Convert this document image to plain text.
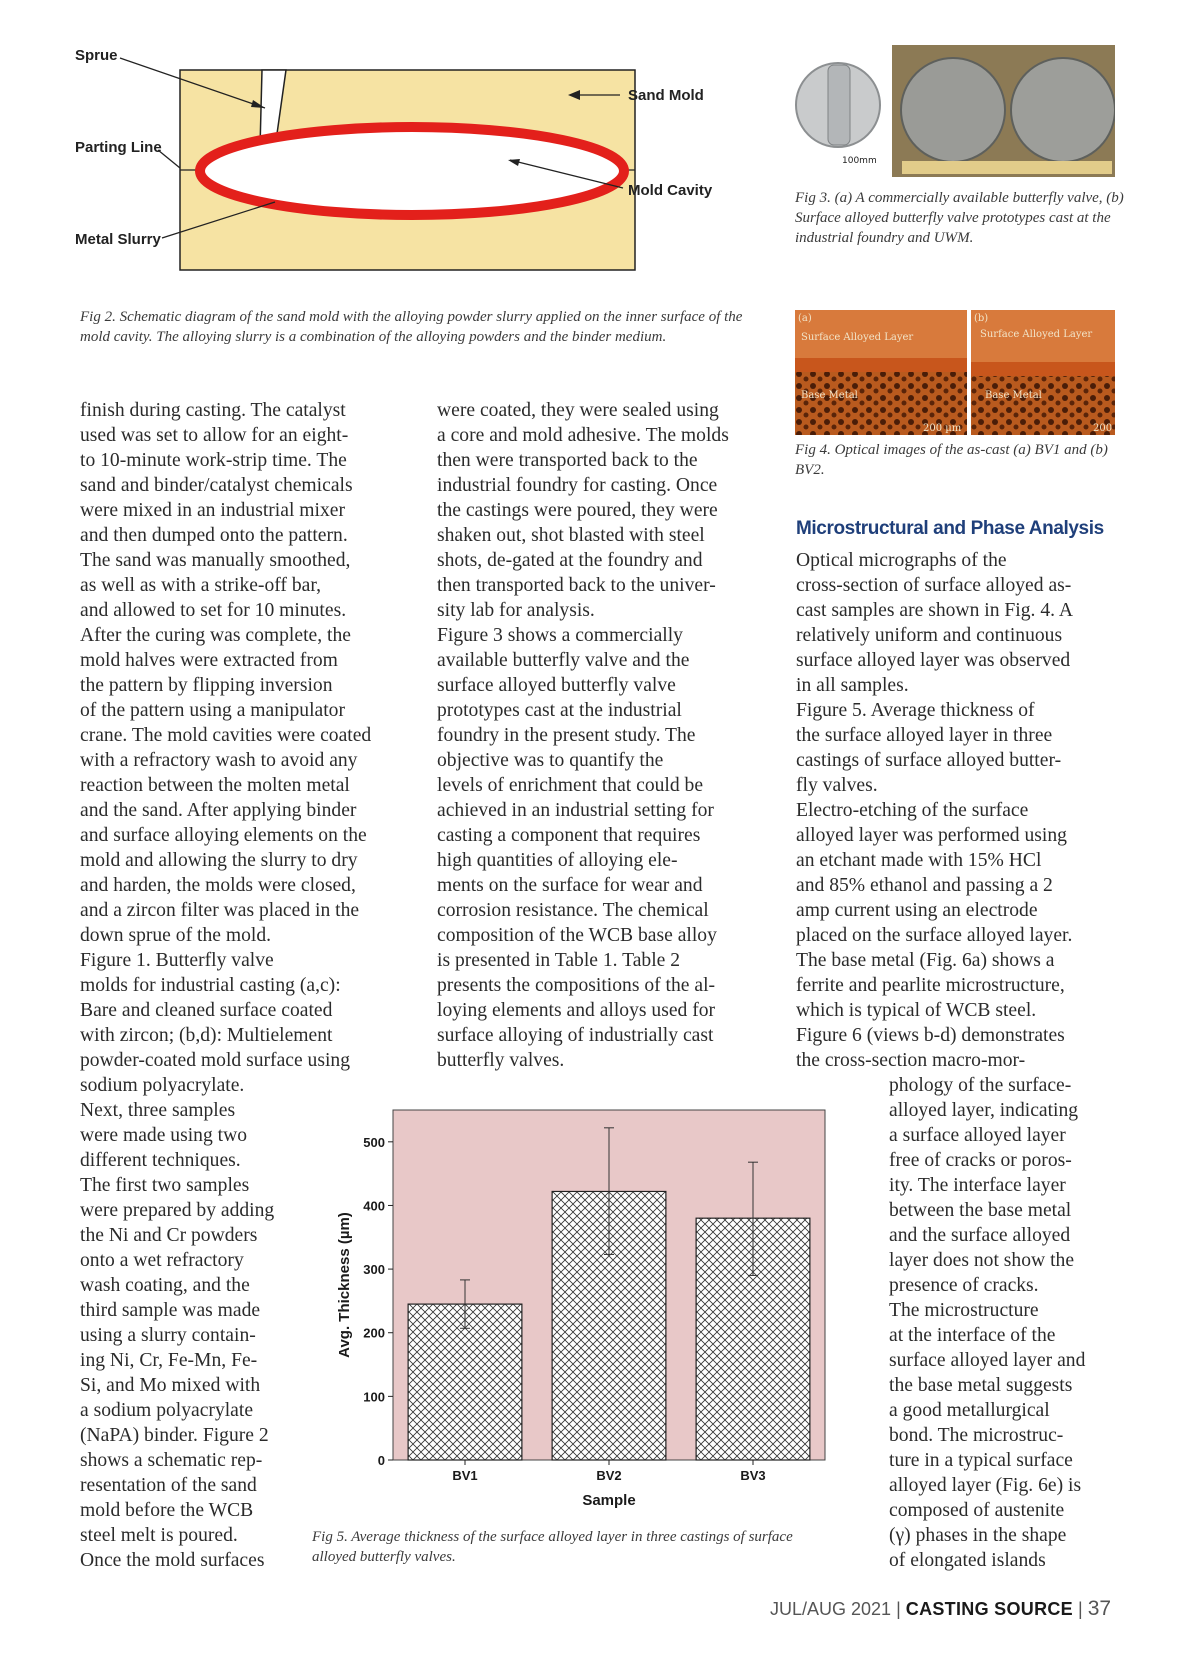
Sprue
Sand Mold
Parting Line
Mold Cavity
Metal Slurry
Fig 2. Schematic diagram of the sand mold with the alloying powder slurry applied on the inner surface of the mold cavity. The alloying slurry is a combination of the alloying powders and the binder medium.
100mm
Fig 3. (a) A commercially available butterfly valve, (b) Surface alloyed butterfly valve prototypes cast at the industrial foundry and UWM.
(a)
Surface Alloyed Layer
Base Metal
200 µm
(b)
Surface Alloyed Layer
Base Metal
200
Fig 4. Optical images of the as-cast (a) BV1 and (b) BV2.
Microstructural and Phase Analysis
finish during casting. The catalyst
used was set to allow for an eight-
to 10-minute work-strip time. The
sand and binder/catalyst chemicals
were mixed in an industrial mixer
and then dumped onto the pattern.
The sand was manually smoothed,
as well as with a strike-off bar,
and allowed to set for 10 minutes.
After the curing was complete, the
mold halves were extracted from
the pattern by flipping inversion
of the pattern using a manipulator
crane. The mold cavities were coated
with a refractory wash to avoid any
reaction between the molten metal
and the sand. After applying binder
and surface alloying elements on the
mold and allowing the slurry to dry
and harden, the molds were closed,
and a zircon filter was placed in the
down sprue of the mold.
Figure 1. Butterfly valve
molds for industrial casting (a,c):
Bare and cleaned surface coated
with zircon; (b,d): Multielement
powder-coated mold surface using
sodium polyacrylate.
Next, three samples
were made using two
different techniques.
The first two samples
were prepared by adding
the Ni and Cr powders
onto a wet refractory
wash coating, and the
third sample was made
using a slurry contain-
ing Ni, Cr, Fe-Mn, Fe-
Si, and Mo mixed with
a sodium polyacrylate
(NaPA) binder. Figure 2
shows a schematic rep-
resentation of the sand
mold before the WCB
steel melt is poured.
Once the mold surfaces
were coated, they were sealed using
a core and mold adhesive. The molds
then were transported back to the
industrial foundry for casting. Once
the castings were poured, they were
shaken out, shot blasted with steel
shots, de-gated at the foundry and
then transported back to the univer-
sity lab for analysis.
Figure 3 shows a commercially
available butterfly valve and the
surface alloyed butterfly valve
prototypes cast at the industrial
foundry in the present study. The
objective was to quantify the
levels of enrichment that could be
achieved in an industrial setting for
casting a component that requires
high quantities of alloying ele-
ments on the surface for wear and
corrosion resistance. The chemical
composition of the WCB base alloy
is presented in Table 1. Table 2
presents the compositions of the al-
loying elements and alloys used for
surface alloying of industrially cast
butterfly valves.
Optical micrographs of the
cross-section of surface alloyed as-
cast samples are shown in Fig. 4. A
relatively uniform and continuous
surface alloyed layer was observed
in all samples.
Figure 5. Average thickness of
the surface alloyed layer in three
castings of surface alloyed butter-
fly valves.
Electro-etching of the surface
alloyed layer was performed using
an etchant made with 15% HCl
and 85% ethanol and passing a 2
amp current using an electrode
placed on the surface alloyed layer.
The base metal (Fig. 6a) shows a
ferrite and pearlite microstructure,
which is typical of WCB steel.
Figure 6 (views b-d) demonstrates
the cross-section macro-mor-
phology of the surface-
alloyed layer, indicating
a surface alloyed layer
free of cracks or poros-
ity. The interface layer
between the base metal
and the surface alloyed
layer does not show the
presence of cracks.
The microstructure
at the interface of the
surface alloyed layer and
the base metal suggests
a good metallurgical
bond. The microstruc-
ture in a typical surface
alloyed layer (Fig. 6e) is
composed of austenite
(γ) phases in the shape
of elongated islands
BV1	BV2	BV3
0
100
200
300
400
500
Avg. Thickness (µm)
Sample
Fig 5. Average thickness of the surface alloyed layer in three castings of surface alloyed butterfly valves.
JUL/AUG 2021 | CASTING SOURCE | 37
